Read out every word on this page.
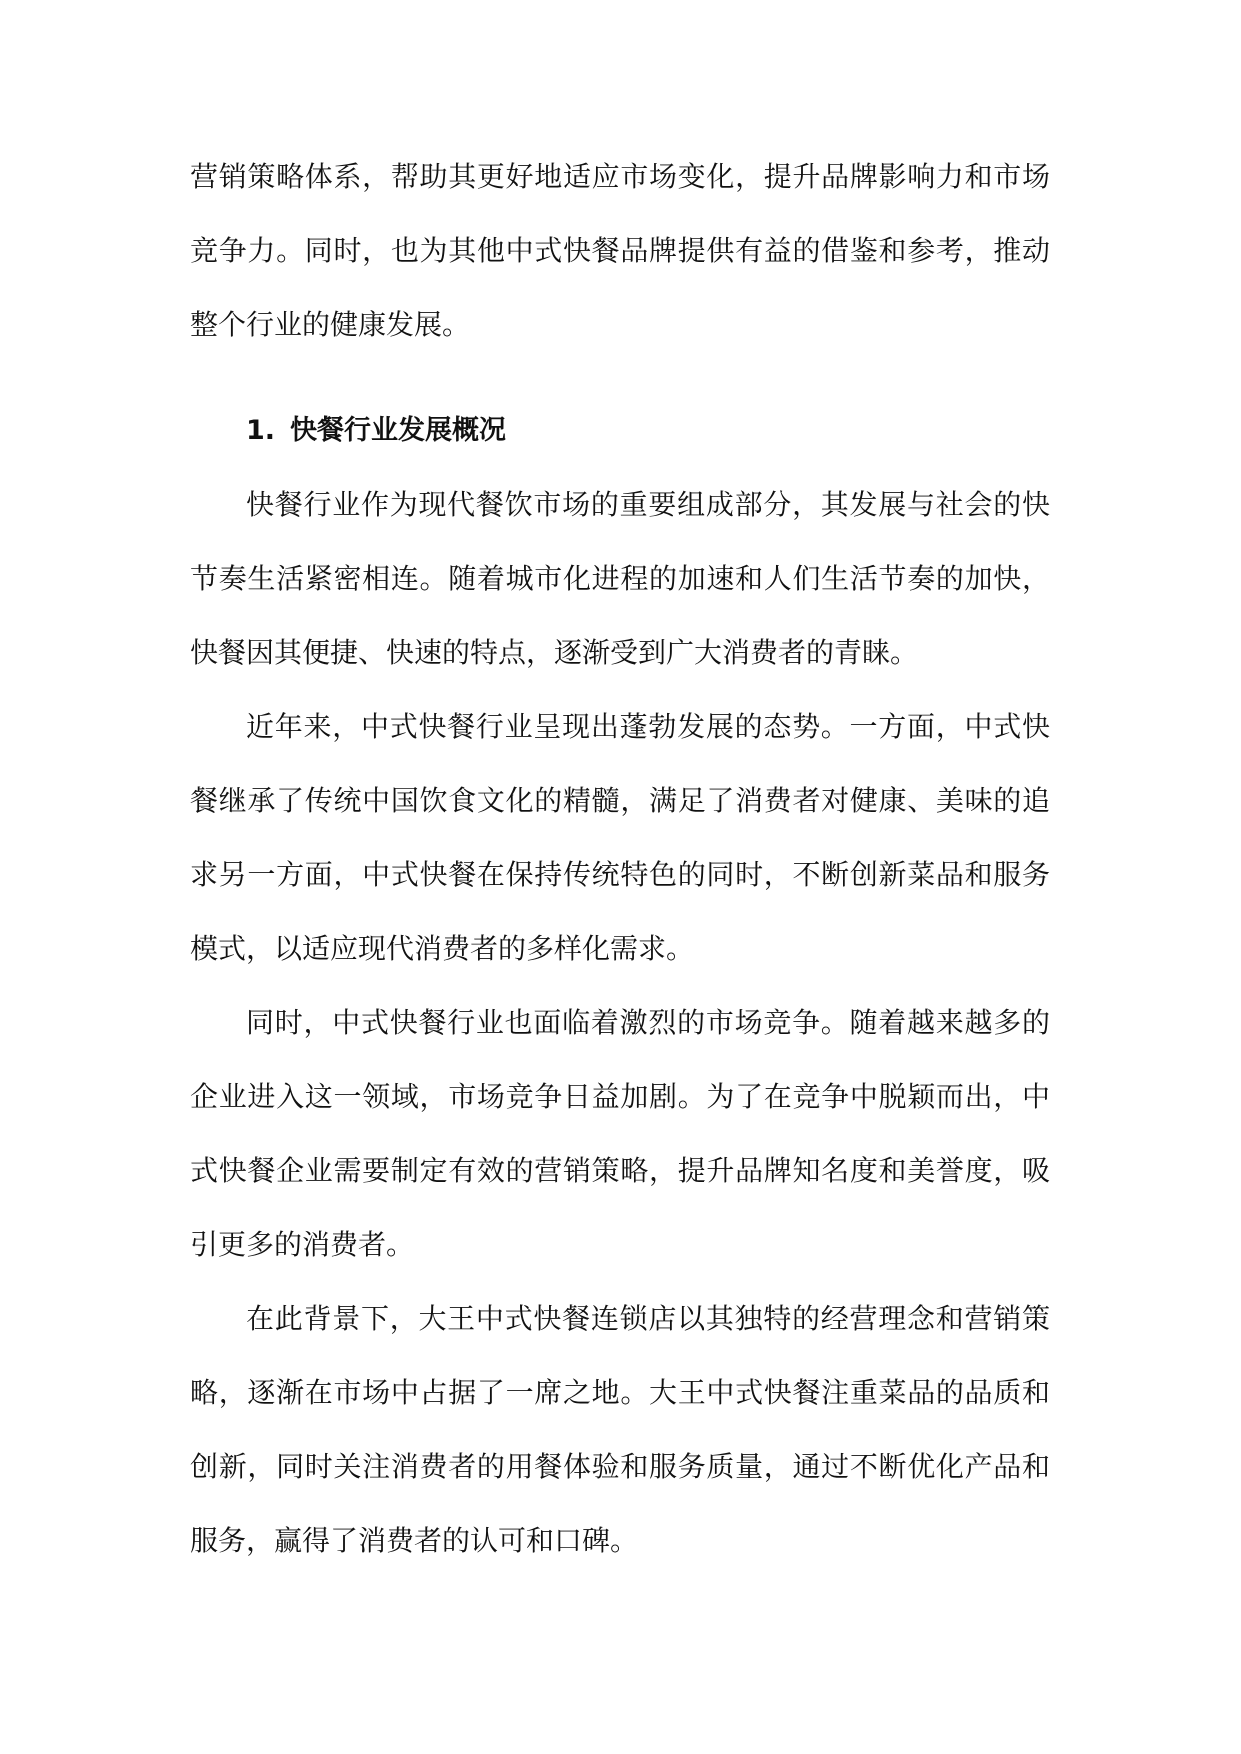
营销策略体系，帮助其更好地适应市场变化，提升品牌影响力和市场竞争力。同时，也为其他中式快餐品牌提供有益的借鉴和参考，推动整个行业的健康发展。

1. 快餐行业发展概况

快餐行业作为现代餐饮市场的重要组成部分，其发展与社会的快节奏生活紧密相连。随着城市化进程的加速和人们生活节奏的加快，快餐因其便捷、快速的特点，逐渐受到广大消费者的青睐。

近年来，中式快餐行业呈现出蓬勃发展的态势。一方面，中式快餐继承了传统中国饮食文化的精髓，满足了消费者对健康、美味的追求另一方面，中式快餐在保持传统特色的同时，不断创新菜品和服务模式，以适应现代消费者的多样化需求。

同时，中式快餐行业也面临着激烈的市场竞争。随着越来越多的企业进入这一领域，市场竞争日益加剧。为了在竞争中脱颖而出，中式快餐企业需要制定有效的营销策略，提升品牌知名度和美誉度，吸引更多的消费者。

在此背景下，大王中式快餐连锁店以其独特的经营理念和营销策略，逐渐在市场中占据了一席之地。大王中式快餐注重菜品的品质和创新，同时关注消费者的用餐体验和服务质量，通过不断优化产品和服务，赢得了消费者的认可和口碑。
